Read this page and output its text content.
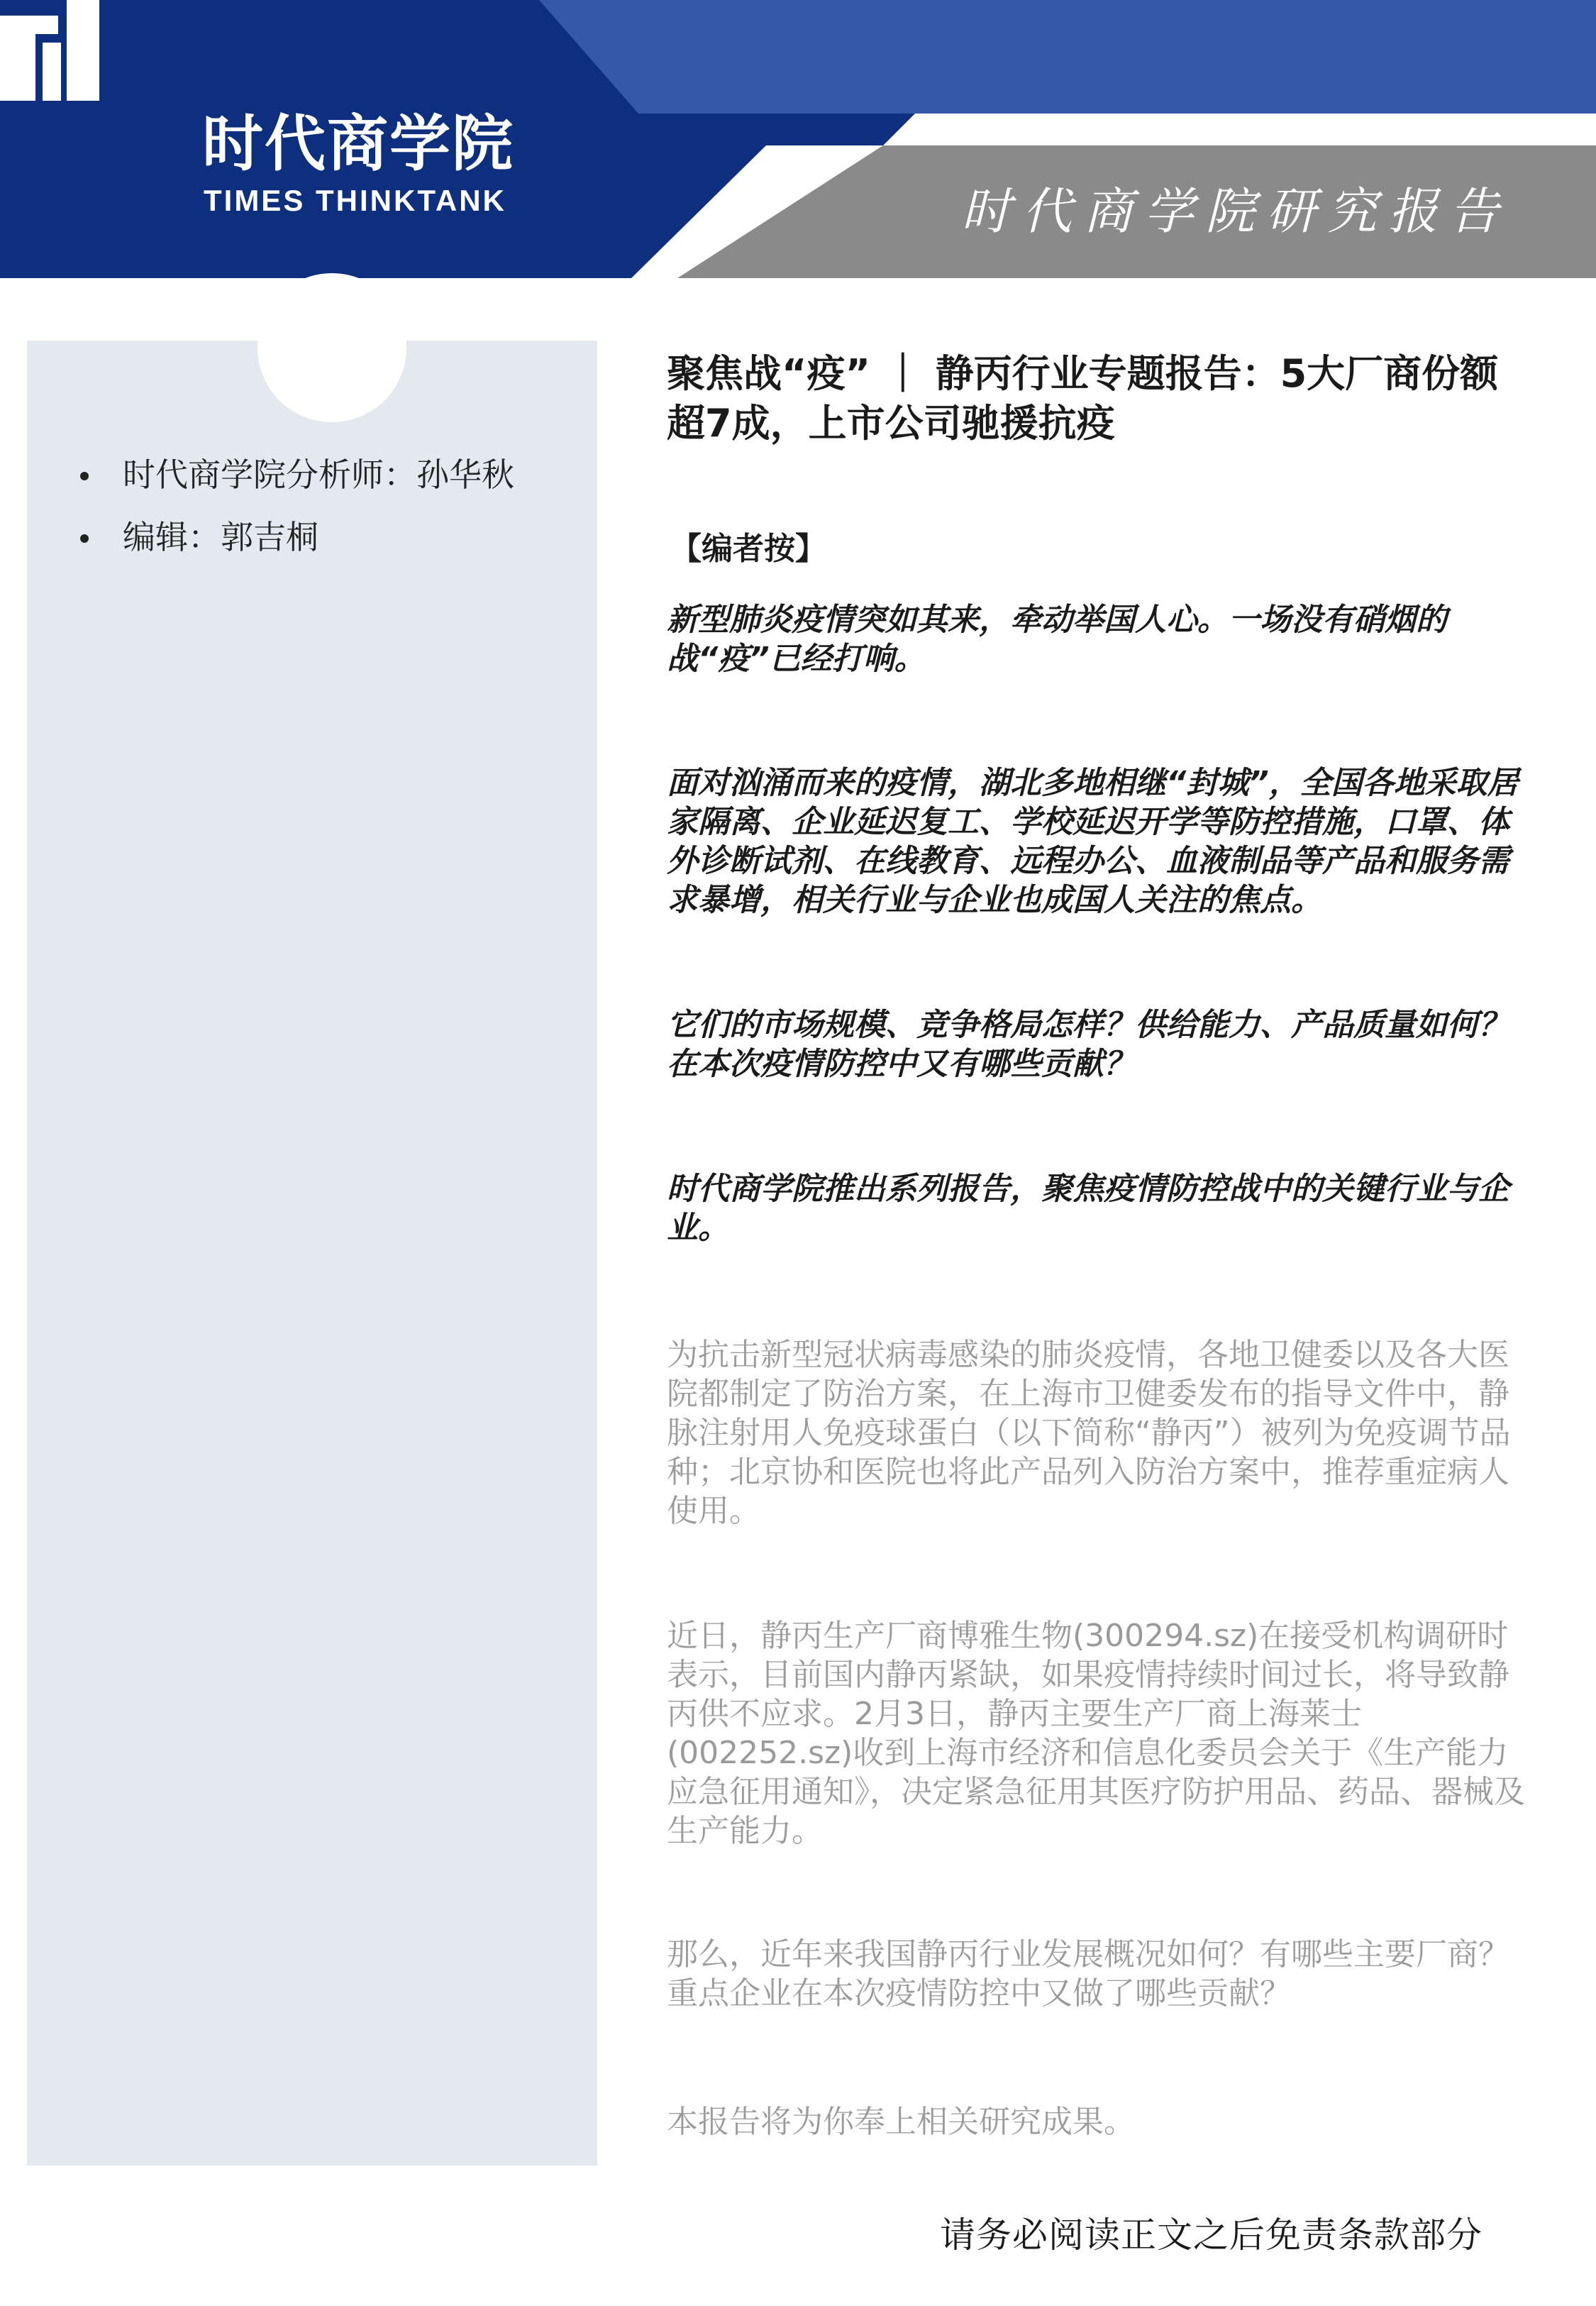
时代商学院

TIMES THINKTANK	时代商学院研究报告

时代商学院分析师：孙华秋
编辑：郭吉桐
聚焦战“疫” ｜ 静丙行业专题报告：5大厂商份额超7成，上市公司驰援抗疫

【编者按】

新型肺炎疫情突如其来，牵动举国人心。一场没有硝烟的战“疫”已经打响。

面对汹涌而来的疫情，湖北多地相继“封城”，全国各地采取居家隔离、企业延迟复工、学校延迟开学等防控措施，口罩、体外诊断试剂、在线教育、远程办公、血液制品等产品和服务需求暴增，相关行业与企业也成国人关注的焦点。

它们的市场规模、竞争格局怎样？供给能力、产品质量如何？在本次疫情防控中又有哪些贡献？

时代商学院推出系列报告，聚焦疫情防控战中的关键行业与企业。

为抗击新型冠状病毒感染的肺炎疫情，各地卫健委以及各大医院都制定了防治方案，在上海市卫健委发布的指导文件中，静脉注射用人免疫球蛋白（以下简称“静丙”）被列为免疫调节品种；北京协和医院也将此产品列入防治方案中，推荐重症病人使用。

近日，静丙生产厂商博雅生物(300294.sz)在接受机构调研时表示，目前国内静丙紧缺，如果疫情持续时间过长，将导致静丙供不应求。2月3日，静丙主要生产厂商上海莱士(002252.sz)收到上海市经济和信息化委员会关于《生产能力应急征用通知》，决定紧急征用其医疗防护用品、药品、器械及生产能力。

那么，近年来我国静丙行业发展概况如何？有哪些主要厂商？重点企业在本次疫情防控中又做了哪些贡献？

本报告将为你奉上相关研究成果。

请务必阅读正文之后免责条款部分
